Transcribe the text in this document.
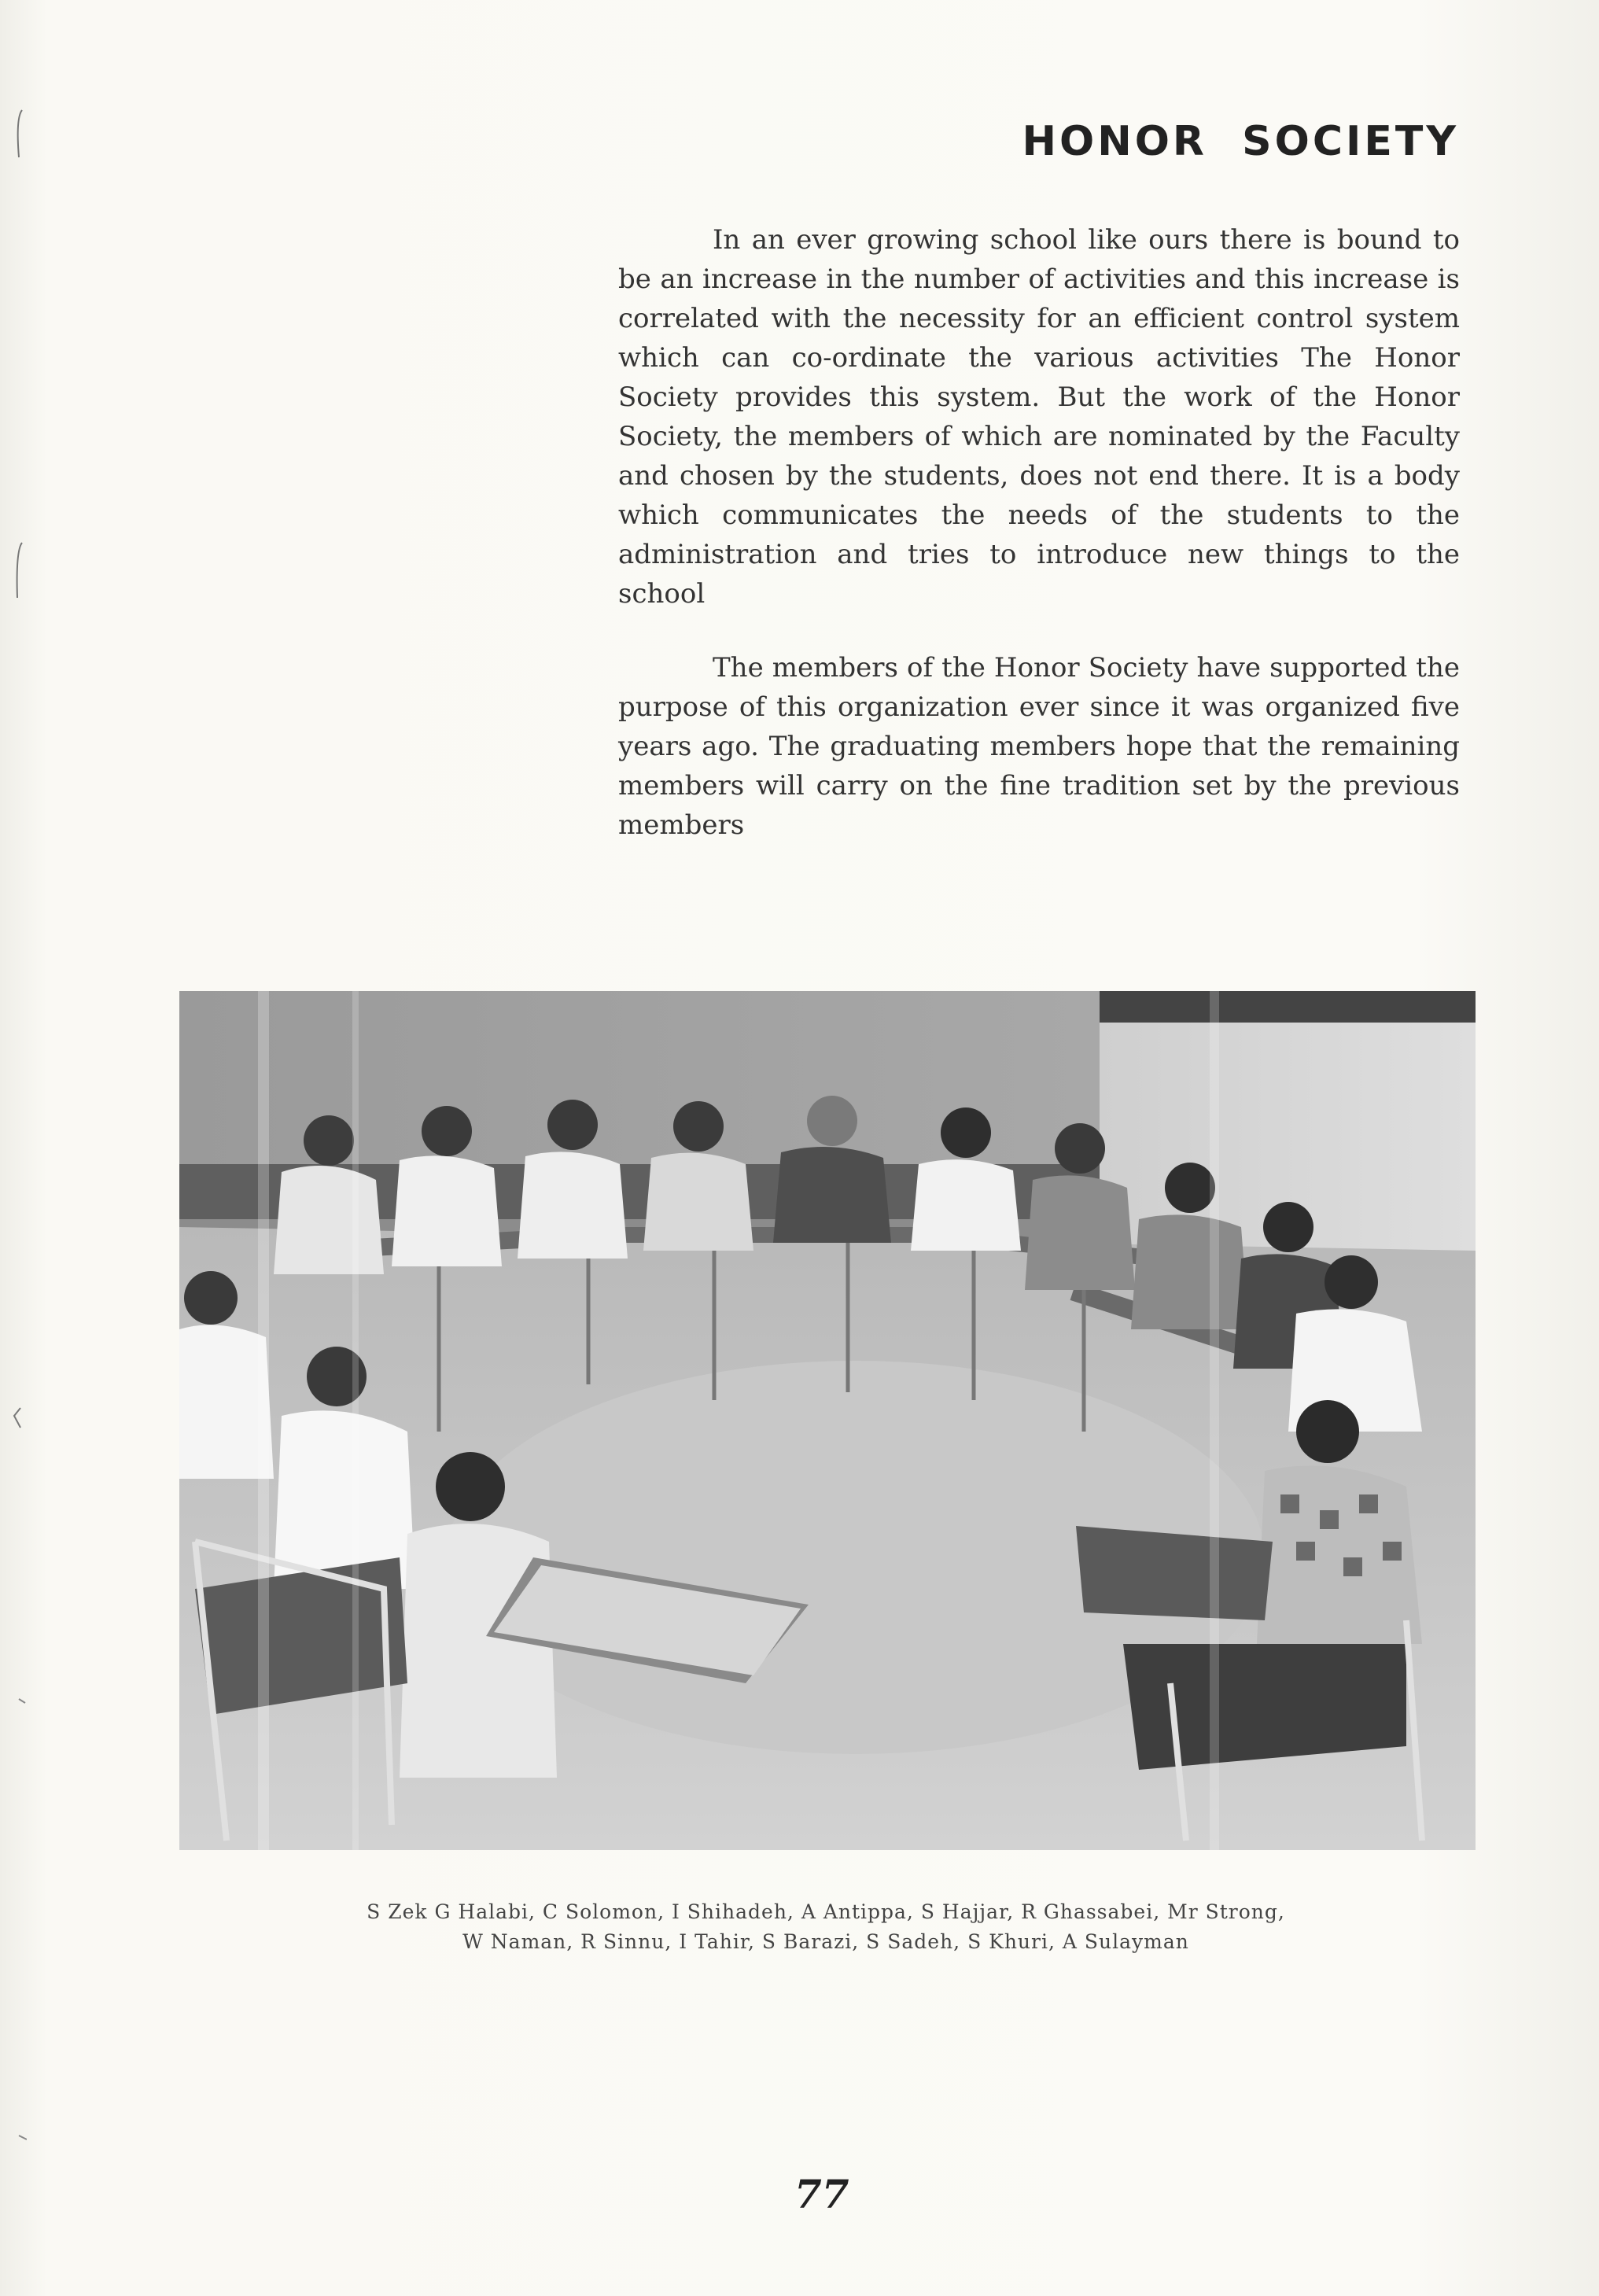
HONOR  SOCIETY

In an ever growing school like ours there is bound to be an increase in the number of activities and this increase is correlated with the necessity for an efficient control system which can co-ordinate the various activities The Honor Society provides this system. But the work of the Honor Society, the members of which are nominated by the Faculty and chosen by the students, does not end there. It is a body which communicates the needs of the students to the administration and tries to introduce new things to the school

The members of the Honor Society have supported the purpose of this organization ever since it was organized five years ago. The graduating members hope that the remaining members will carry on the fine tradition set by the previous members

S Zek G Halabi, C Solomon, I Shihadeh, A Antippa, S Hajjar, R Ghassabei, Mr Strong,
W Naman, R Sinnu, I Tahir, S Barazi, S Sadeh, S Khuri, A Sulayman
77
